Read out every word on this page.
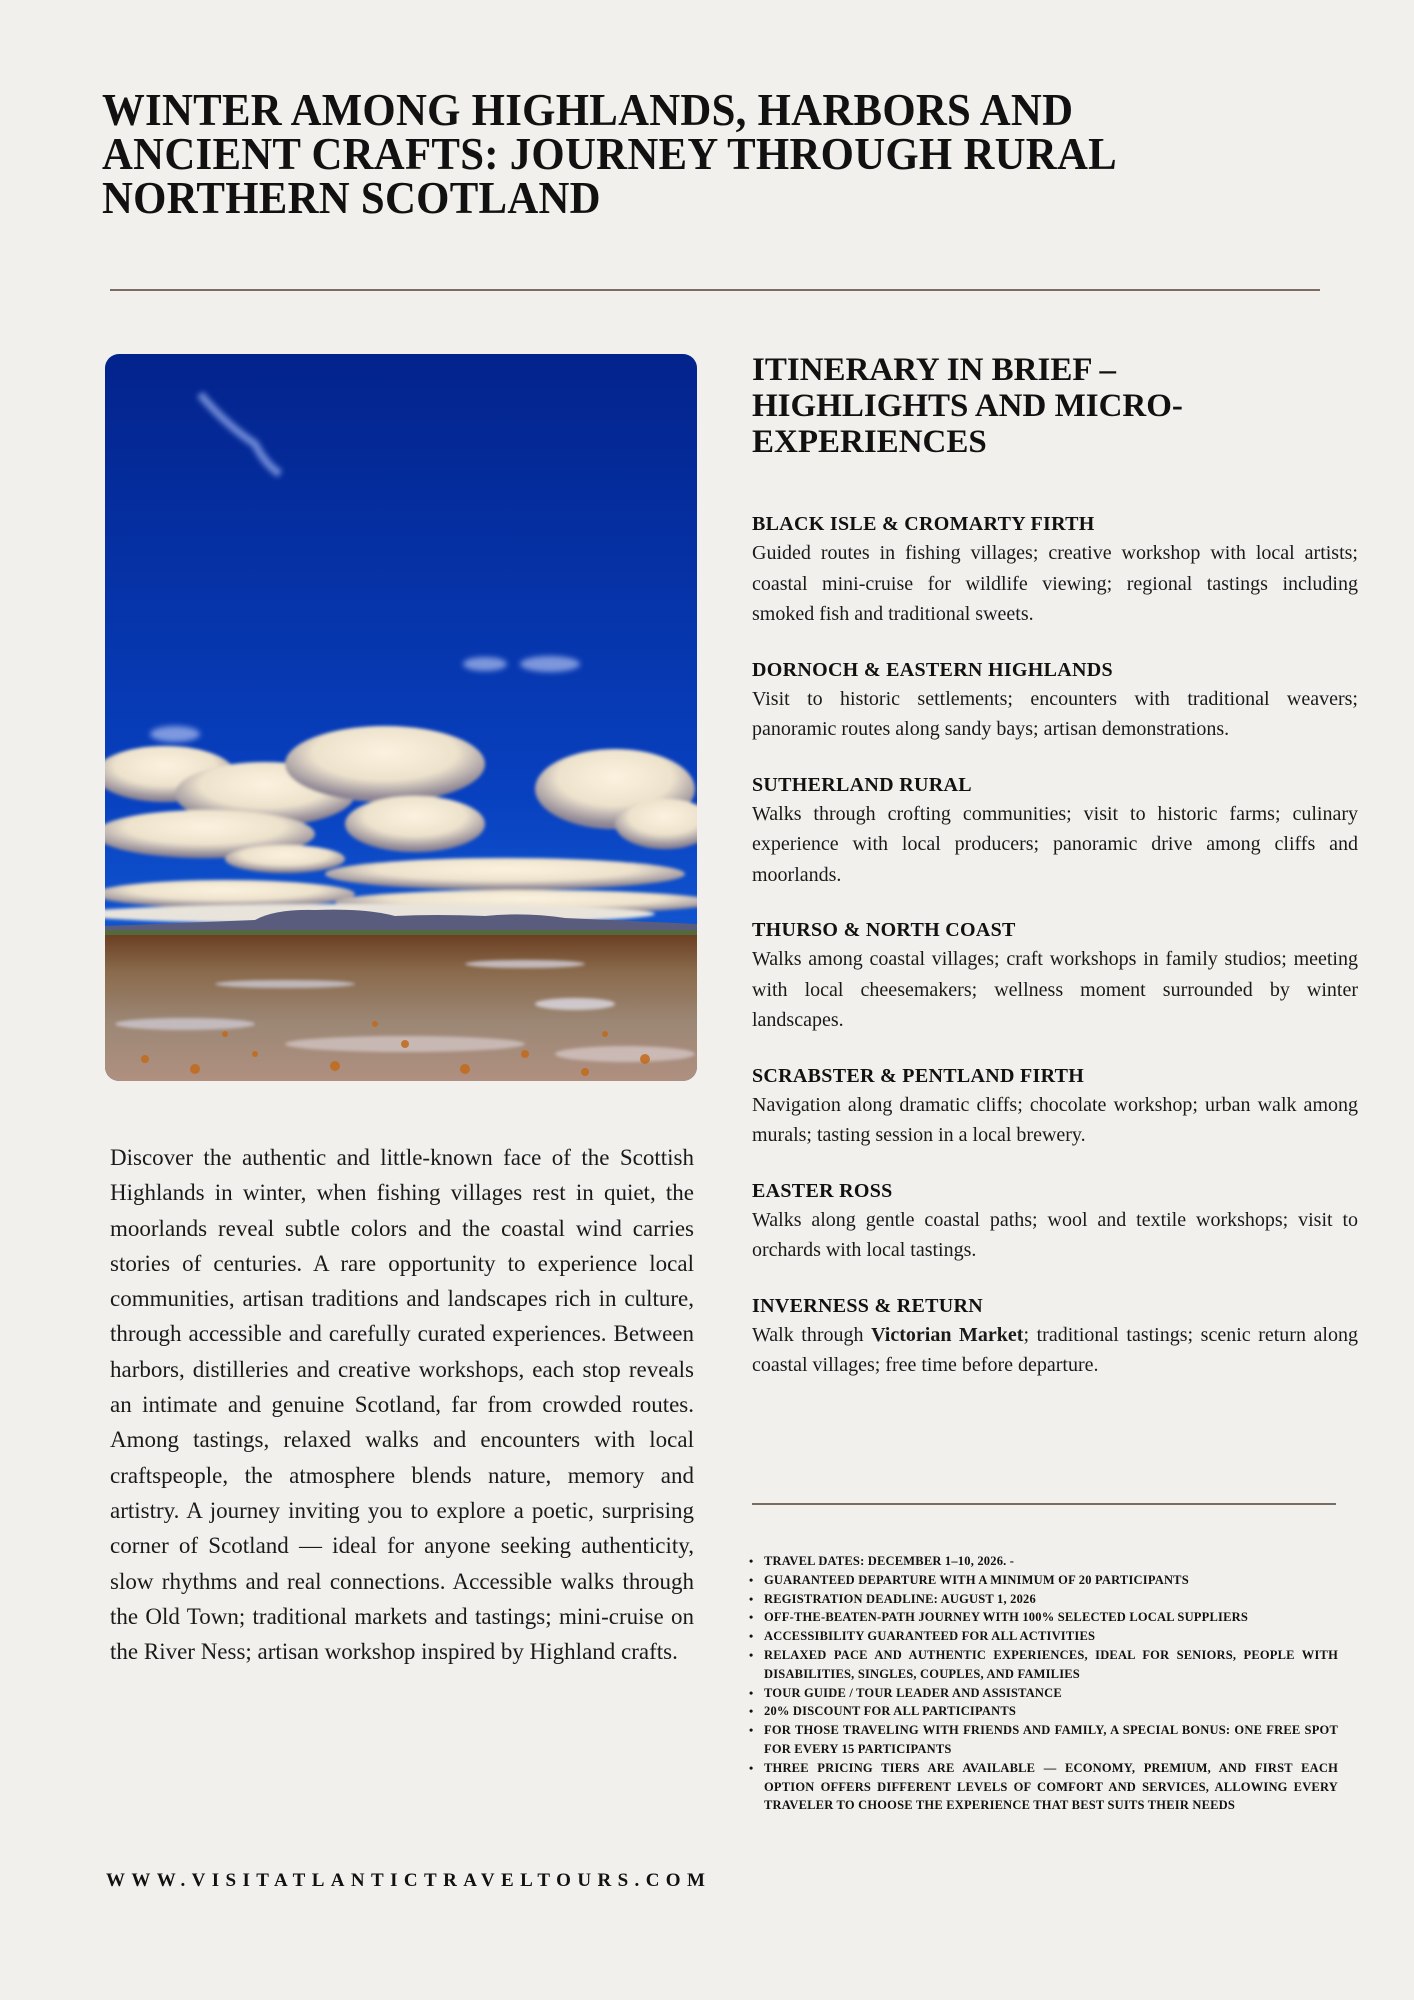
WINTER AMONG HIGHLANDS, HARBORS AND ANCIENT CRAFTS: JOURNEY THROUGH RURAL NORTHERN SCOTLAND

Discover the authentic and little-known face of the Scottish Highlands in winter, when fishing villages rest in quiet, the moorlands reveal subtle colors and the coastal wind carries stories of centuries. A rare opportunity to experience local communities, artisan traditions and landscapes rich in culture, through accessible and carefully curated experiences. Between harbors, distilleries and creative workshops, each stop reveals an intimate and genuine Scotland, far from crowded routes. Among tastings, relaxed walks and encounters with local craftspeople, the atmosphere blends nature, memory and artistry. A journey inviting you to explore a poetic, surprising corner of Scotland — ideal for anyone seeking authenticity, slow rhythms and real connections. Accessible walks through the Old Town; traditional markets and tastings; mini-cruise on the River Ness; artisan workshop inspired by Highland crafts.

WWW.VISITATLANTICTRAVELTOURS.COM
ITINERARY IN BRIEF – HIGHLIGHTS AND MICRO-EXPERIENCES
BLACK ISLE & CROMARTY FIRTH

Guided routes in fishing villages; creative workshop with local artists; coastal mini-cruise for wildlife viewing; regional tastings including smoked fish and traditional sweets.

DORNOCH & EASTERN HIGHLANDS

Visit to historic settlements; encounters with traditional weavers; panoramic routes along sandy bays; artisan demonstrations.

SUTHERLAND RURAL

Walks through crofting communities; visit to historic farms; culinary experience with local producers; panoramic drive among cliffs and moorlands.

THURSO & NORTH COAST

Walks among coastal villages; craft workshops in family studios; meeting with local cheesemakers; wellness moment surrounded by winter landscapes.

SCRABSTER & PENTLAND FIRTH

Navigation along dramatic cliffs; chocolate workshop; urban walk among murals; tasting session in a local brewery.

EASTER ROSS

Walks along gentle coastal paths; wool and textile workshops; visit to orchards with local tastings.

INVERNESS & RETURN

Walk through Victorian Market; traditional tastings; scenic return along coastal villages; free time before departure.

• TRAVEL DATES: DECEMBER 1–10, 2026. -
• GUARANTEED DEPARTURE WITH A MINIMUM OF 20 PARTICIPANTS
• REGISTRATION DEADLINE: AUGUST 1, 2026
• OFF-THE-BEATEN-PATH JOURNEY WITH 100% SELECTED LOCAL SUPPLIERS
• ACCESSIBILITY GUARANTEED FOR ALL ACTIVITIES
• RELAXED PACE AND AUTHENTIC EXPERIENCES, IDEAL FOR SENIORS, PEOPLE WITH DISABILITIES, SINGLES, COUPLES, AND FAMILIES
• TOUR GUIDE / TOUR LEADER AND ASSISTANCE
• 20% DISCOUNT FOR ALL PARTICIPANTS
• FOR THOSE TRAVELING WITH FRIENDS AND FAMILY, A SPECIAL BONUS: ONE FREE SPOT FOR EVERY 15 PARTICIPANTS
• THREE PRICING TIERS ARE AVAILABLE — ECONOMY, PREMIUM, AND FIRST EACH OPTION OFFERS DIFFERENT LEVELS OF COMFORT AND SERVICES, ALLOWING EVERY TRAVELER TO CHOOSE THE EXPERIENCE THAT BEST SUITS THEIR NEEDS
